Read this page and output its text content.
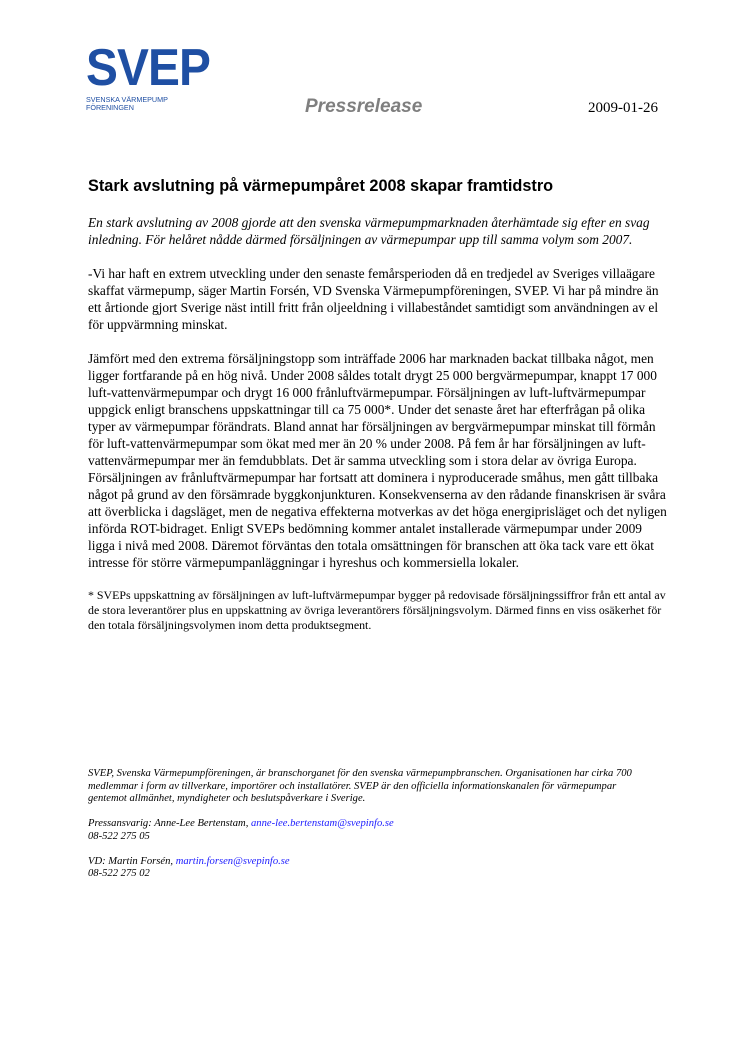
SVEP
SVENSKA VÄRMEPUMP
FÖRENINGEN	Pressrelease	2009-01-26
Stark avslutning på värmepumpåret 2008 skapar framtidstro

En stark avslutning av 2008 gjorde att den svenska värmepumpmarknaden återhämtade sig efter en svag inledning. För helåret nådde därmed försäljningen av värmepumpar upp till samma volym som 2007.

-Vi har haft en extrem utveckling under den senaste femårsperioden då en tredjedel av Sveriges villaägare skaffat värmepump, säger Martin Forsén, VD Svenska Värmepumpföreningen, SVEP. Vi har på mindre än ett årtionde gjort Sverige näst intill fritt från oljeeldning i villabeståndet samtidigt som användningen av el för uppvärmning minskat.

Jämfört med den extrema försäljningstopp som inträffade 2006 har marknaden backat tillbaka något, men ligger fortfarande på en hög nivå. Under 2008 såldes totalt drygt 25 000 bergvärmepumpar, knappt 17 000 luft-vattenvärmepumpar och drygt 16 000 frånluftvärmepumpar. Försäljningen av luft-luftvärmepumpar uppgick enligt branschens uppskattningar till ca 75 000*. Under det senaste året har efterfrågan på olika typer av värmepumpar förändrats. Bland annat har försäljningen av bergvärmepumpar minskat till förmån för luft-vattenvärmepumpar som ökat med mer än 20 % under 2008. På fem år har försäljningen av luft-vattenvärmepumpar mer än femdubblats. Det är samma utveckling som i stora delar av övriga Europa. Försäljningen av frånluftvärmepumpar har fortsatt att dominera i nyproducerade småhus, men gått tillbaka något på grund av den försämrade byggkonjunkturen. Konsekvenserna av den rådande finanskrisen är svåra att överblicka i dagsläget, men de negativa effekterna motverkas av det höga energiprisläget och det nyligen införda ROT-bidraget. Enligt SVEPs bedömning kommer antalet installerade värmepumpar under 2009 ligga i nivå med 2008. Däremot förväntas den totala omsättningen för branschen att öka tack vare ett ökat intresse för större värmepumpanläggningar i hyreshus och kommersiella lokaler.

* SVEPs uppskattning av försäljningen av luft-luftvärmepumpar bygger på redovisade försäljningssiffror från ett antal av de stora leverantörer plus en uppskattning av övriga leverantörers försäljningsvolym. Därmed finns en viss osäkerhet för den totala försäljningsvolymen inom detta produktsegment.

SVEP, Svenska Värmepumpföreningen, är branschorganet för den svenska värmepumpbranschen. Organisationen har cirka 700 medlemmar i form av tillverkare, importörer och installatörer. SVEP är den officiella informationskanalen för värmepumpar gentemot allmänhet, myndigheter och beslutspåverkare i Sverige.

Pressansvarig: Anne-Lee Bertenstam, anne-lee.bertenstam@svepinfo.se
08-522 275 05

VD: Martin Forsén, martin.forsen@svepinfo.se
08-522 275 02
